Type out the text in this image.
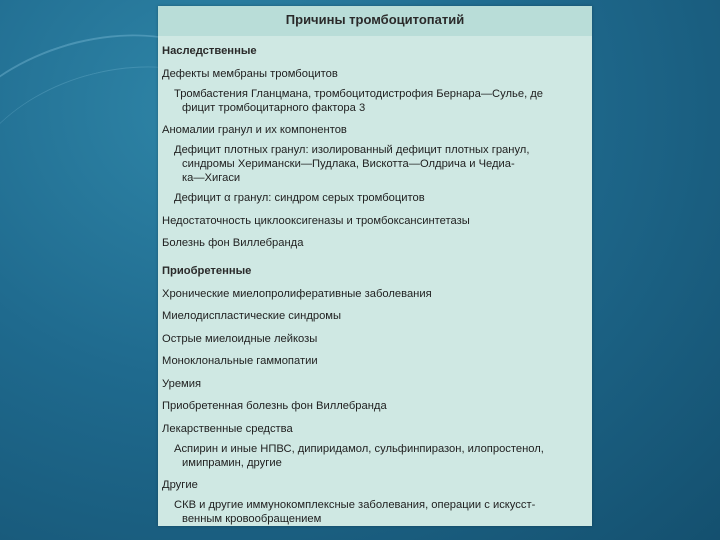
Причины тромбоцитопатий
Наследственные
Дефекты мембраны тромбоцитов
Тромбастения Гланцмана, тромбоцитодистрофия Бернара—Сулье, де
фицит тромбоцитарного фактора 3
Аномалии гранул и их компонентов
Дефицит плотных гранул: изолированный дефицит плотных гранул,
синдромы Херимански—Пудлака, Вискотта—Олдрича и Чедиа-
ка—Хигаси
Дефицит α гранул: синдром серых тромбоцитов
Недостаточность циклооксигеназы и тромбоксансинтетазы
Болезнь фон Виллебранда
Приобретенные
Хронические миелопролиферативные заболевания
Миелодиспластические синдромы
Острые миелоидные лейкозы
Моноклональные гаммопатии
Уремия
Приобретенная болезнь фон Виллебранда
Лекарственные средства
Аспирин и иные НПВС, дипиридамол, сульфинпиразон, илопростенол,
имипрамин, другие
Другие
СКВ и другие иммунокомплексные заболевания, операции с искусст-
венным кровообращением
